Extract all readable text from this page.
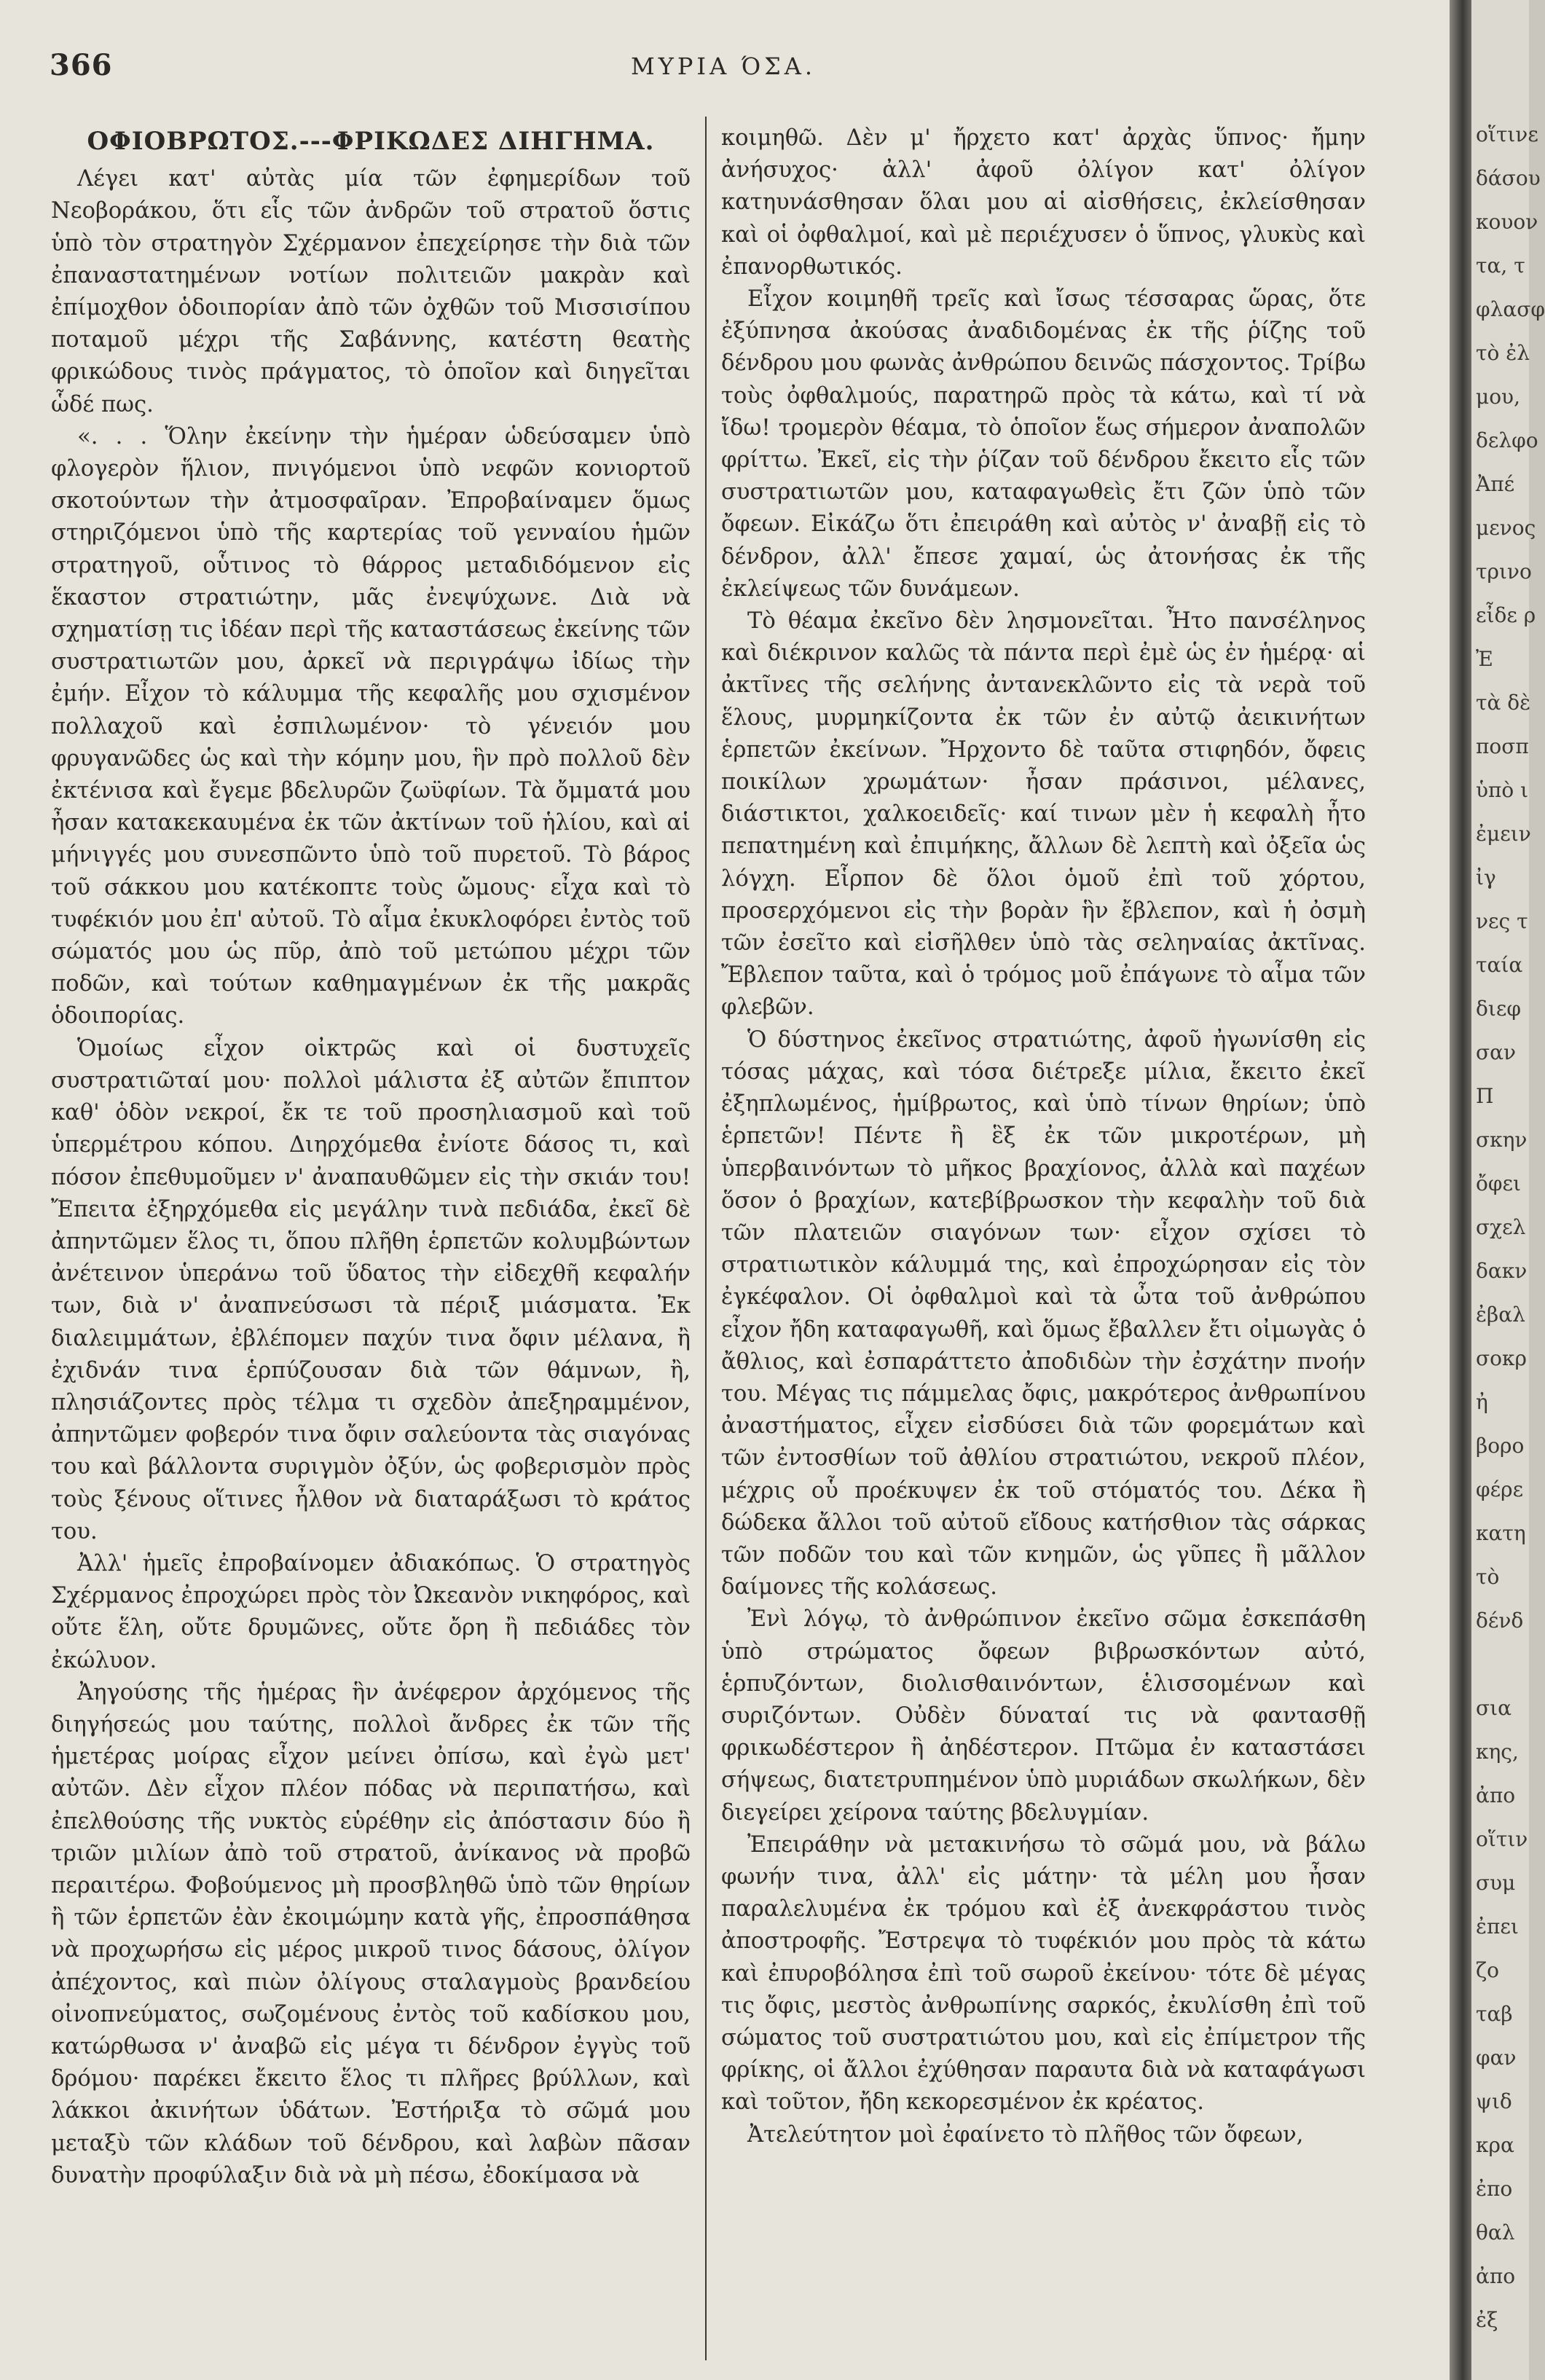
366	ΜΥΡΙΑ ΌΣΑ.
ΟΦΙΟΒΡΩΤΟΣ.---ΦΡΙΚΩΔΕΣ ΔΙΗΓΗΜΑ.

Λέγει κατ' αὐτὰς μία τῶν ἐφημερίδων τοῦ Νεοβοράκου, ὅτι εἷς τῶν ἀνδρῶν τοῦ στρατοῦ ὅστις ὑπὸ τὸν στρατηγὸν Σχέρμανον ἐπεχείρησε τὴν διὰ τῶν ἐπαναστατημένων νοτίων πολιτειῶν μακρὰν καὶ ἐπίμοχθον ὁδοιπορίαν ἀπὸ τῶν ὀχθῶν τοῦ Μισσισίπου ποταμοῦ μέχρι τῆς Σαβάννης, κατέστη θεατὴς φρικώδους τινὸς πράγματος, τὸ ὁποῖον καὶ διηγεῖται ὧδέ πως.

«. . . Ὅλην ἐκείνην τὴν ἡμέραν ὡδεύσαμεν ὑπὸ φλογερὸν ἥλιον, πνιγόμενοι ὑπὸ νεφῶν κονιορτοῦ σκοτούντων τὴν ἀτμοσφαῖραν. Ἐπροβαίναμεν ὅμως στηριζόμενοι ὑπὸ τῆς καρτερίας τοῦ γενναίου ἡμῶν στρατηγοῦ, οὗτινος τὸ θάρρος μεταδιδόμενον εἰς ἕκαστον στρατιώτην, μᾶς ἐνεψύχωνε. Διὰ νὰ σχηματίσῃ τις ἰδέαν περὶ τῆς καταστάσεως ἐκείνης τῶν συστρατιωτῶν μου, ἀρκεῖ νὰ περιγράψω ἰδίως τὴν ἐμήν. Εἶχον τὸ κάλυμμα τῆς κεφαλῆς μου σχισμένον πολλαχοῦ καὶ ἐσπιλωμένον· τὸ γένειόν μου φρυγανῶδες ὡς καὶ τὴν κόμην μου, ἣν πρὸ πολλοῦ δὲν ἐκτένισα καὶ ἔγεμε βδελυρῶν ζωϋφίων. Τὰ ὄμματά μου ἦσαν κατακεκαυμένα ἐκ τῶν ἀκτίνων τοῦ ἡλίου, καὶ αἱ μήνιγγές μου συνεσπῶντο ὑπὸ τοῦ πυρετοῦ. Τὸ βάρος τοῦ σάκκου μου κατέκοπτε τοὺς ὤμους· εἶχα καὶ τὸ τυφέκιόν μου ἐπ' αὐτοῦ. Τὸ αἷμα ἐκυκλοφόρει ἐντὸς τοῦ σώματός μου ὡς πῦρ, ἀπὸ τοῦ μετώπου μέχρι τῶν ποδῶν, καὶ τούτων καθημαγμένων ἐκ τῆς μακρᾶς ὁδοιπορίας.

Ὁμοίως εἶχον οἰκτρῶς καὶ οἱ δυστυχεῖς συστρατιῶταί μου· πολλοὶ μάλιστα ἐξ αὐτῶν ἔπιπτον καθ' ὁδὸν νεκροί, ἔκ τε τοῦ προσηλιασμοῦ καὶ τοῦ ὑπερμέτρου κόπου. Διηρχόμεθα ἐνίοτε δάσος τι, καὶ πόσον ἐπεθυμοῦμεν ν' ἀναπαυθῶμεν εἰς τὴν σκιάν του! Ἔπειτα ἐξηρχόμεθα εἰς μεγάλην τινὰ πεδιάδα, ἐκεῖ δὲ ἀπηντῶμεν ἕλος τι, ὅπου πλῆθη ἑρπετῶν κολυμβώντων ἀνέτεινον ὑπεράνω τοῦ ὕδατος τὴν εἰδεχθῆ κεφαλήν των, διὰ ν' ἀναπνεύσωσι τὰ πέριξ μιάσματα. Ἐκ διαλειμμάτων, ἐβλέπομεν παχύν τινα ὄφιν μέλανα, ἢ ἐχιδνάν τινα ἑρπύζουσαν διὰ τῶν θάμνων, ἢ, πλησιάζοντες πρὸς τέλμα τι σχεδὸν ἀπεξηραμμένον, ἀπηντῶμεν φοβερόν τινα ὄφιν σαλεύοντα τὰς σιαγόνας του καὶ βάλλοντα συριγμὸν ὀξύν, ὡς φοβερισμὸν πρὸς τοὺς ξένους οἵτινες ἦλθον νὰ διαταράξωσι τὸ κράτος του.

Ἀλλ' ἡμεῖς ἐπροβαίνομεν ἀδιακόπως. Ὁ στρατηγὸς Σχέρμανος ἐπροχώρει πρὸς τὸν Ὠκεανὸν νικηφόρος, καὶ οὔτε ἕλη, οὔτε δρυμῶνες, οὔτε ὄρη ἢ πεδιάδες τὸν ἐκώλυον.

Ἀηγούσης τῆς ἡμέρας ἣν ἀνέφερον ἀρχόμενος τῆς διηγήσεώς μου ταύτης, πολλοὶ ἄνδρες ἐκ τῶν τῆς ἡμετέρας μοίρας εἶχον μείνει ὀπίσω, καὶ ἐγὼ μετ' αὐτῶν. Δὲν εἶχον πλέον πόδας νὰ περιπατήσω, καὶ ἐπελθούσης τῆς νυκτὸς εὑρέθην εἰς ἀπόστασιν δύο ἢ τριῶν μιλίων ἀπὸ τοῦ στρατοῦ, ἀνίκανος νὰ προβῶ περαιτέρω. Φοβούμενος μὴ προσβληθῶ ὑπὸ τῶν θηρίων ἢ τῶν ἑρπετῶν ἐὰν ἐκοιμώμην κατὰ γῆς, ἐπροσπάθησα νὰ προχωρήσω εἰς μέρος μικροῦ τινος δάσους, ὀλίγον ἀπέχοντος, καὶ πιὼν ὀλίγους σταλαγμοὺς βρανδείου οἰνοπνεύματος, σωζομένους ἐντὸς τοῦ καδίσκου μου, κατώρθωσα ν' ἀναβῶ εἰς μέγα τι δένδρον ἐγγὺς τοῦ δρόμου· παρέκει ἔκειτο ἕλος τι πλῆρες βρύλλων, καὶ λάκκοι ἀκινήτων ὑδάτων. Ἐστήριξα τὸ σῶμά μου μεταξὺ τῶν κλάδων τοῦ δένδρου, καὶ λαβὼν πᾶσαν δυνατὴν προφύλαξιν διὰ νὰ μὴ πέσω, ἐδοκίμασα νὰ

κοιμηθῶ. Δὲν μ' ἤρχετο κατ' ἀρχὰς ὕπνος· ἤμην ἀνήσυχος· ἀλλ' ἀφοῦ ὀλίγον κατ' ὀλίγον κατηυνάσθησαν ὅλαι μου αἱ αἰσθήσεις, ἐκλείσθησαν καὶ οἱ ὀφθαλμοί, καὶ μὲ περιέχυσεν ὁ ὕπνος, γλυκὺς καὶ ἐπανορθωτικός.

Εἶχον κοιμηθῆ τρεῖς καὶ ἴσως τέσσαρας ὥρας, ὅτε ἐξύπνησα ἀκούσας ἀναδιδομένας ἐκ τῆς ῥίζης τοῦ δένδρου μου φωνὰς ἀνθρώπου δεινῶς πάσχοντος. Τρίβω τοὺς ὀφθαλμούς, παρατηρῶ πρὸς τὰ κάτω, καὶ τί νὰ ἴδω! τρομερὸν θέαμα, τὸ ὁποῖον ἕως σήμερον ἀναπολῶν φρίττω. Ἐκεῖ, εἰς τὴν ῥίζαν τοῦ δένδρου ἔκειτο εἷς τῶν συστρατιωτῶν μου, καταφαγωθεὶς ἔτι ζῶν ὑπὸ τῶν ὄφεων. Εἰκάζω ὅτι ἐπειράθη καὶ αὐτὸς ν' ἀναβῇ εἰς τὸ δένδρον, ἀλλ' ἔπεσε χαμαί, ὡς ἀτονήσας ἐκ τῆς ἐκλείψεως τῶν δυνάμεων.

Τὸ θέαμα ἐκεῖνο δὲν λησμονεῖται. Ἦτο πανσέληνος καὶ διέκρινον καλῶς τὰ πάντα περὶ ἐμὲ ὡς ἐν ἡμέρᾳ· αἱ ἀκτῖνες τῆς σελήνης ἀντανεκλῶντο εἰς τὰ νερὰ τοῦ ἕλους, μυρμηκίζοντα ἐκ τῶν ἐν αὐτῷ ἀεικινήτων ἑρπετῶν ἐκείνων. Ἤρχοντο δὲ ταῦτα στιφηδόν, ὄφεις ποικίλων χρωμάτων· ἦσαν πράσινοι, μέλανες, διάστικτοι, χαλκοειδεῖς· καί τινων μὲν ἡ κεφαλὴ ἦτο πεπατημένη καὶ ἐπιμήκης, ἄλλων δὲ λεπτὴ καὶ ὀξεῖα ὡς λόγχη. Εἷρπον δὲ ὅλοι ὁμοῦ ἐπὶ τοῦ χόρτου, προσερχόμενοι εἰς τὴν βορὰν ἣν ἔβλεπον, καὶ ἡ ὀσμὴ τῶν ἐσεῖτο καὶ εἰσῆλθεν ὑπὸ τὰς σεληναίας ἀκτῖνας. Ἔβλεπον ταῦτα, καὶ ὁ τρόμος μοῦ ἐπάγωνε τὸ αἷμα τῶν φλεβῶν.

Ὁ δύστηνος ἐκεῖνος στρατιώτης, ἀφοῦ ἠγωνίσθη εἰς τόσας μάχας, καὶ τόσα διέτρεξε μίλια, ἔκειτο ἐκεῖ ἐξηπλωμένος, ἡμίβρωτος, καὶ ὑπὸ τίνων θηρίων; ὑπὸ ἑρπετῶν! Πέντε ἢ ἓξ ἐκ τῶν μικροτέρων, μὴ ὑπερβαινόντων τὸ μῆκος βραχίονος, ἀλλὰ καὶ παχέων ὅσον ὁ βραχίων, κατεβίβρωσκον τὴν κεφαλὴν τοῦ διὰ τῶν πλατειῶν σιαγόνων των· εἶχον σχίσει τὸ στρατιωτικὸν κάλυμμά της, καὶ ἐπροχώρησαν εἰς τὸν ἐγκέφαλον. Οἱ ὀφθαλμοὶ καὶ τὰ ὦτα τοῦ ἀνθρώπου εἶχον ἤδη καταφαγωθῆ, καὶ ὅμως ἔβαλλεν ἔτι οἰμωγὰς ὁ ἄθλιος, καὶ ἐσπαράττετο ἀποδιδὼν τὴν ἐσχάτην πνοήν του. Μέγας τις πάμμελας ὄφις, μακρότερος ἀνθρωπίνου ἀναστήματος, εἶχεν εἰσδύσει διὰ τῶν φορεμάτων καὶ τῶν ἐντοσθίων τοῦ ἀθλίου στρατιώτου, νεκροῦ πλέον, μέχρις οὗ προέκυψεν ἐκ τοῦ στόματός του. Δέκα ἢ δώδεκα ἄλλοι τοῦ αὐτοῦ εἴδους κατήσθιον τὰς σάρκας τῶν ποδῶν του καὶ τῶν κνημῶν, ὡς γῦπες ἢ μᾶλλον δαίμονες τῆς κολάσεως.

Ἐνὶ λόγῳ, τὸ ἀνθρώπινον ἐκεῖνο σῶμα ἐσκεπάσθη ὑπὸ στρώματος ὄφεων βιβρωσκόντων αὐτό, ἑρπυζόντων, διολισθαινόντων, ἑλισσομένων καὶ συριζόντων. Οὐδὲν δύναταί τις νὰ φαντασθῇ φρικωδέστερον ἢ ἀηδέστερον. Πτῶμα ἐν καταστάσει σήψεως, διατετρυπημένον ὑπὸ μυριάδων σκωλήκων, δὲν διεγείρει χείρονα ταύτης βδελυγμίαν.

Ἐπειράθην νὰ μετακινήσω τὸ σῶμά μου, νὰ βάλω φωνήν τινα, ἀλλ' εἰς μάτην· τὰ μέλη μου ἦσαν παραλελυμένα ἐκ τρόμου καὶ ἐξ ἀνεκφράστου τινὸς ἀποστροφῆς. Ἔστρεψα τὸ τυφέκιόν μου πρὸς τὰ κάτω καὶ ἐπυροβόλησα ἐπὶ τοῦ σωροῦ ἐκείνου· τότε δὲ μέγας τις ὄφις, μεστὸς ἀνθρωπίνης σαρκός, ἐκυλίσθη ἐπὶ τοῦ σώματος τοῦ συστρατιώτου μου, καὶ εἰς ἐπίμετρον τῆς φρίκης, οἱ ἄλλοι ἐχύθησαν παραυτα διὰ νὰ καταφάγωσι καὶ τοῦτον, ἤδη κεκορεσμένον ἐκ κρέατος.

Ἀτελεύτητον μοὶ ἐφαίνετο τὸ πλῆθος τῶν ὄφεων,

οἵτινε
δάσου
κουον
τα, τ
φλασφ
τὸ ἐλ
μου,
δελφο
Ἀπέ
μενος
τρινο
εἶδε ρ
Ἐ
τὰ δὲ
ποσπ
ὑπὸ ι
ἐμειν
ἰγ
νες τ
ταία
διεφ
σαν
Π
σκην
ὄφει
σχελ
δακν
ἐβαλ
σοκρ
ἠ
βορο
φέρε
κατη
τὸ
δένδ
σια
κης,
ἀπο
οἵτιν
συμ
ἐπει
ζο
ταβ
φαν
ψιδ
κρα
ἐπο
θαλ
ἀπο
ἐξ
